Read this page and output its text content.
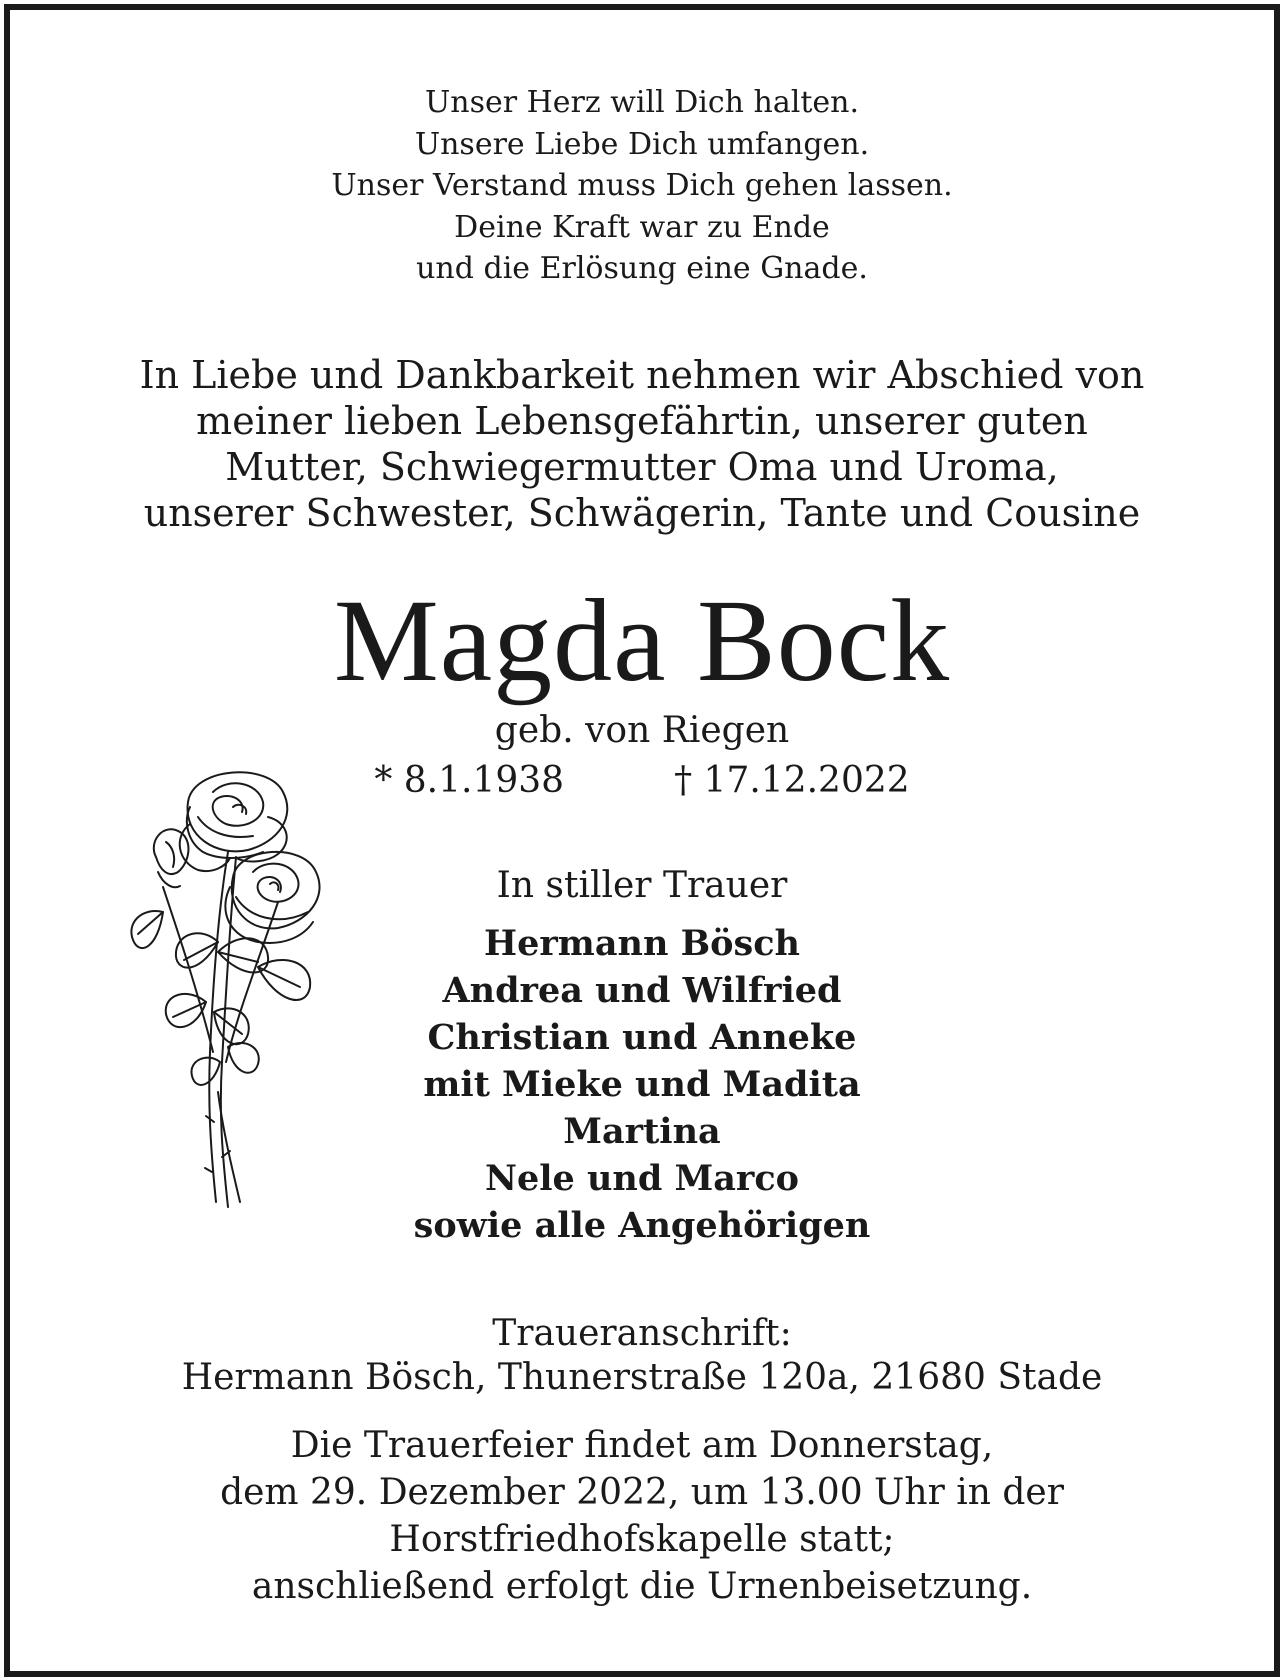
Unser Herz will Dich halten.
Unsere Liebe Dich umfangen.
Unser Verstand muss Dich gehen lassen.
Deine Kraft war zu Ende
und die Erlösung eine Gnade.
In Liebe und Dankbarkeit nehmen wir Abschied von
meiner lieben Lebensgefährtin, unserer guten
Mutter, Schwiegermutter Oma und Uroma,
unserer Schwester, Schwägerin, Tante und Cousine
Magda Bock
geb. von Riegen
* 8.1.1938	† 17.12.2022
In stiller Trauer
Hermann Bösch
Andrea und Wilfried
Christian und Anneke
mit Mieke und Madita
Martina
Nele und Marco
sowie alle Angehörigen
Traueranschrift:
Hermann Bösch, Thunerstraße 120a, 21680 Stade
Die Trauerfeier findet am Donnerstag,
dem 29. Dezember 2022, um 13.00 Uhr in der
Horstfriedhofskapelle statt;
anschließend erfolgt die Urnenbeisetzung.
